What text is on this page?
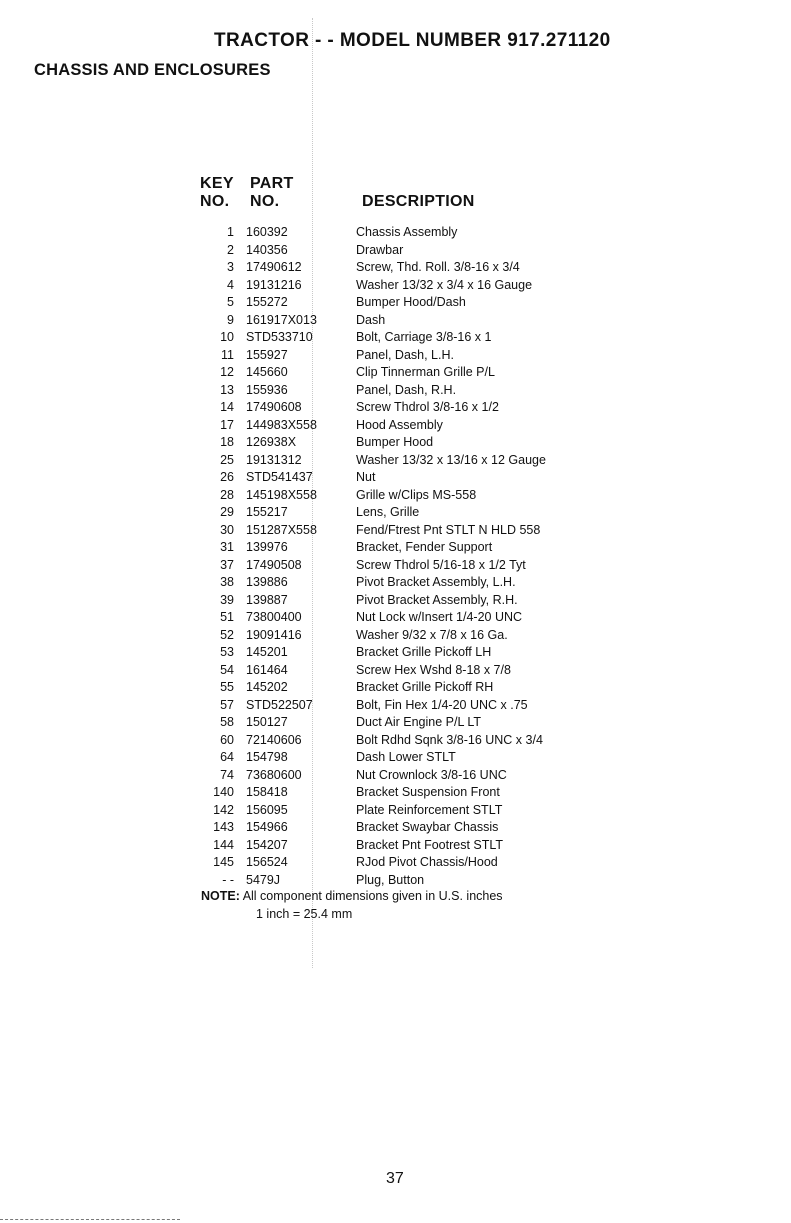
TRACTOR - - MODEL NUMBER 917.271120
CHASSIS AND ENCLOSURES
KEY
NO.
PART
NO.	DESCRIPTION
1 160392	Chassis Assembly
2 140356	Drawbar
3 17490612	Screw, Thd. Roll. 3/8-16 x 3/4
4 19131216	Washer 13/32 x 3/4 x 16 Gauge
5 155272	Bumper Hood/Dash
9 161917X013	Dash
10 STD533710	Bolt, Carriage 3/8-16 x 1
11 155927	Panel, Dash, L.H.
12 145660	Clip Tinnerman Grille P/L
13 155936	Panel, Dash, R.H.
14 17490608	Screw Thdrol 3/8-16 x 1/2
17 144983X558	Hood Assembly
18 126938X	Bumper Hood
25 19131312	Washer 13/32 x 13/16 x 12 Gauge
26 STD541437	Nut
28 145198X558	Grille w/Clips MS-558
29 155217	Lens, Grille
30 151287X558	Fend/Ftrest Pnt STLT N HLD 558
31 139976	Bracket, Fender Support
37 17490508	Screw Thdrol 5/16-18 x 1/2 Tyt
38 139886	Pivot Bracket Assembly, L.H.
39 139887	Pivot Bracket Assembly, R.H.
51 73800400	Nut Lock w/Insert 1/4-20 UNC
52 19091416	Washer 9/32 x 7/8 x 16 Ga.
53 145201	Bracket Grille Pickoff LH
54 161464	Screw Hex Wshd 8-18 x 7/8
55 145202	Bracket Grille Pickoff RH
57 STD522507	Bolt, Fin Hex 1/4-20 UNC x .75
58 150127	Duct Air Engine P/L LT
60 72140606	Bolt Rdhd Sqnk 3/8-16 UNC x 3/4
64 154798	Dash Lower STLT
74 73680600	Nut Crownlock 3/8-16 UNC
140 158418	Bracket Suspension Front
142 156095	Plate Reinforcement STLT
143 154966	Bracket Swaybar Chassis
144 154207	Bracket Pnt Footrest STLT
145 156524	RJod Pivot Chassis/Hood
- - 5479J	Plug, Button
NOTE: All component dimensions given in U.S. inches
1 inch = 25.4 mm
37
